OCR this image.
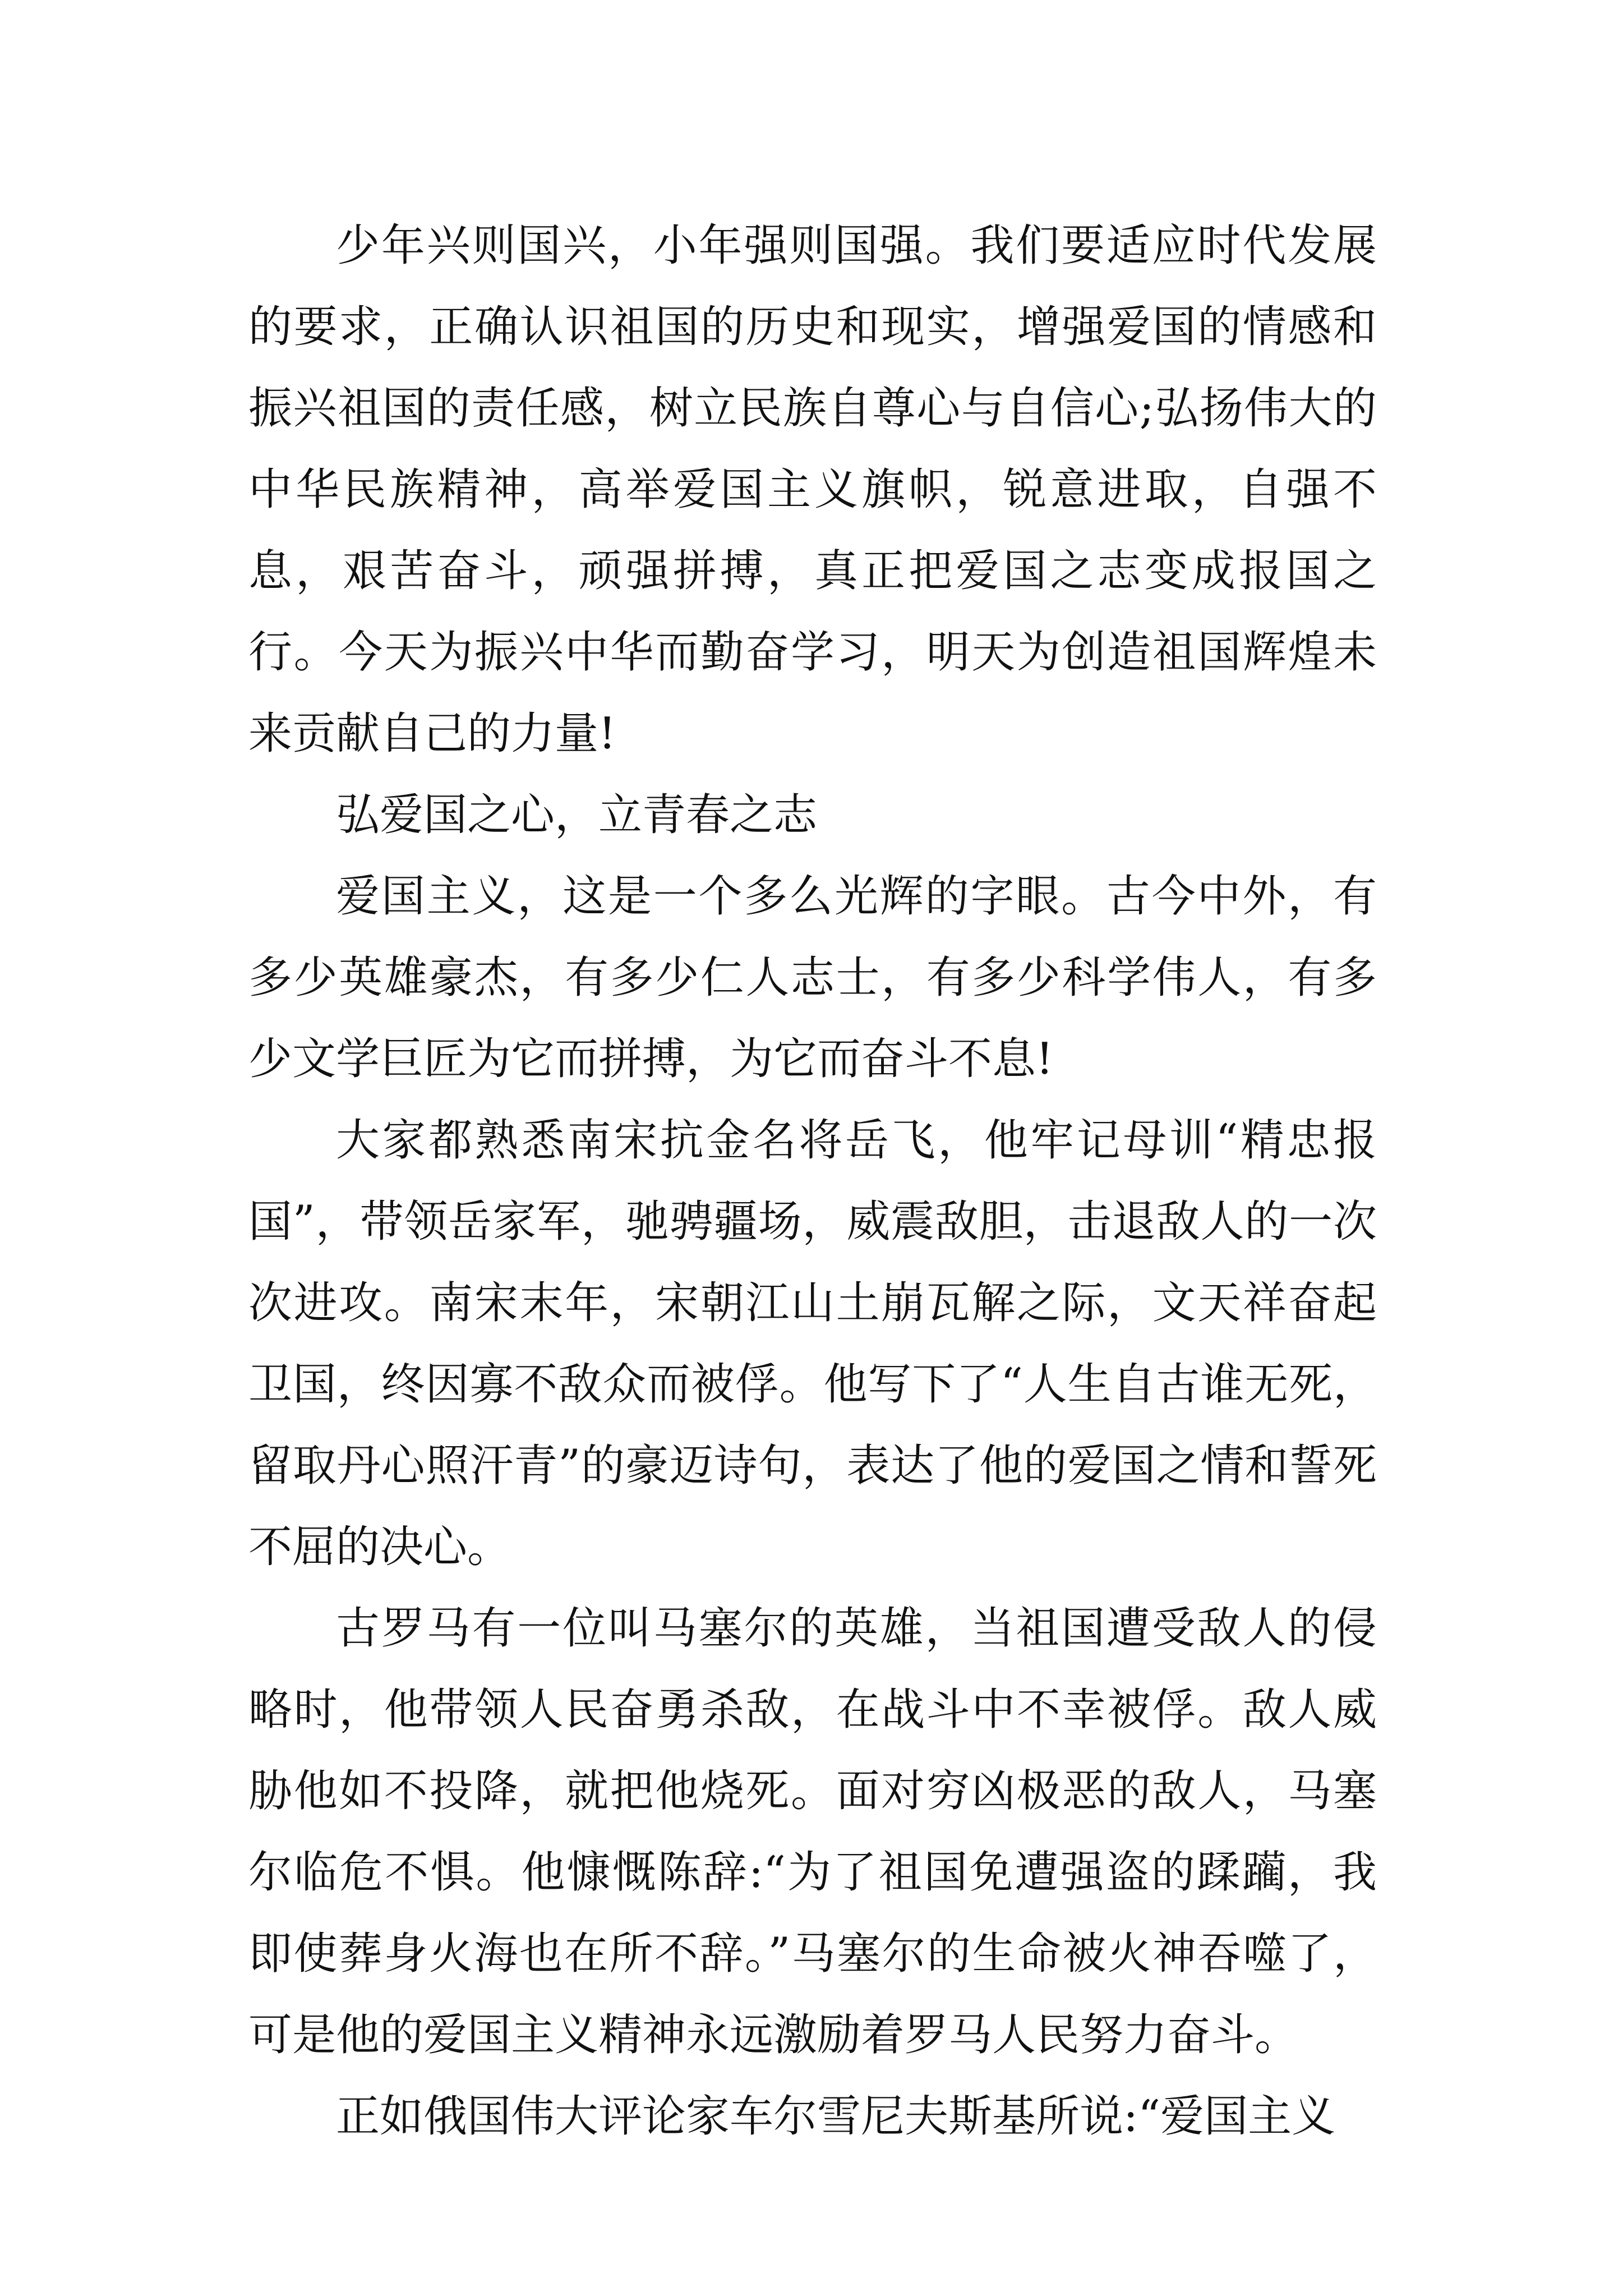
少年兴则国兴，小年强则国强。我们要适应时代发展的要求，正确认识祖国的历史和现实，增强爱国的情感和振兴祖国的责任感，树立民族自尊心与自信心;弘扬伟大的中华民族精神，高举爱国主义旗帜，锐意进取，自强不息，艰苦奋斗，顽强拼搏，真正把爱国之志变成报国之行。今天为振兴中华而勤奋学习，明天为创造祖国辉煌未来贡献自己的力量!

弘爱国之心，立青春之志

爱国主义，这是一个多么光辉的字眼。古今中外，有多少英雄豪杰，有多少仁人志士，有多少科学伟人，有多少文学巨匠为它而拼搏，为它而奋斗不息!

大家都熟悉南宋抗金名将岳飞，他牢记母训“精忠报国”，带领岳家军，驰骋疆场，威震敌胆，击退敌人的一次次进攻。南宋末年，宋朝江山土崩瓦解之际，文天祥奋起卫国，终因寡不敌众而被俘。他写下了“人生自古谁无死，留取丹心照汗青”的豪迈诗句，表达了他的爱国之情和誓死不屈的决心。

古罗马有一位叫马塞尔的英雄，当祖国遭受敌人的侵略时，他带领人民奋勇杀敌，在战斗中不幸被俘。敌人威胁他如不投降，就把他烧死。面对穷凶极恶的敌人，马塞尔临危不惧。他慷慨陈辞:“为了祖国免遭强盗的蹂躏，我即使葬身火海也在所不辞。”马塞尔的生命被火神吞噬了，可是他的爱国主义精神永远激励着罗马人民努力奋斗。

正如俄国伟大评论家车尔雪尼夫斯基所说:“爱国主义
